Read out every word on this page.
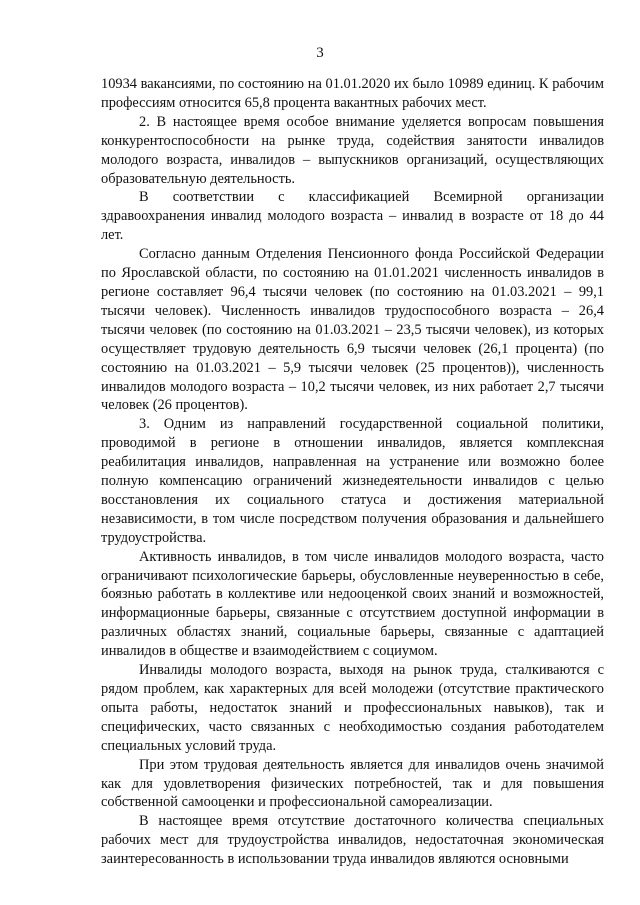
3

10934 вакансиями, по состоянию на 01.01.2020 их было 10989 единиц. К рабочим профессиям относится 65,8 процента вакантных рабочих мест.

2. В настоящее время особое внимание уделяется вопросам повышения конкурентоспособности на рынке труда, содействия занятости инвалидов молодого возраста, инвалидов – выпускников организаций, осуществляющих образовательную деятельность.

В соответствии с классификацией Всемирной организации здравоохранения инвалид молодого возраста – инвалид в возрасте от 18 до 44 лет.

Согласно данным Отделения Пенсионного фонда Российской Федерации по Ярославской области, по состоянию на 01.01.2021 численность инвалидов в регионе составляет 96,4 тысячи человек (по состоянию на 01.03.2021 – 99,1 тысячи человек). Численность инвалидов трудоспособного возраста – 26,4 тысячи человек (по состоянию на 01.03.2021 – 23,5 тысячи человек), из которых осуществляет трудовую деятельность 6,9 тысячи человек (26,1 процента) (по состоянию на 01.03.2021 – 5,9 тысячи человек (25 процентов)), численность инвалидов молодого возраста – 10,2 тысячи человек, из них работает 2,7 тысячи человек (26 процентов).

3. Одним из направлений государственной социальной политики, проводимой в регионе в отношении инвалидов, является комплексная реабилитация инвалидов, направленная на устранение или возможно более полную компенсацию ограничений жизнедеятельности инвалидов с целью восстановления их социального статуса и достижения материальной независимости, в том числе посредством получения образования и дальнейшего трудоустройства.

Активность инвалидов, в том числе инвалидов молодого возраста, часто ограничивают психологические барьеры, обусловленные неуверенностью в себе, боязнью работать в коллективе или недооценкой своих знаний и возможностей, информационные барьеры, связанные с отсутствием доступной информации в различных областях знаний, социальные барьеры, связанные с адаптацией инвалидов в обществе и взаимодействием с социумом.

Инвалиды молодого возраста, выходя на рынок труда, сталкиваются с рядом проблем, как характерных для всей молодежи (отсутствие практического опыта работы, недостаток знаний и профессиональных навыков), так и специфических, часто связанных с необходимостью создания работодателем специальных условий труда.

При этом трудовая деятельность является для инвалидов очень значимой как для удовлетворения физических потребностей, так и для повышения собственной самооценки и профессиональной самореализации.

В настоящее время отсутствие достаточного количества специальных рабочих мест для трудоустройства инвалидов, недостаточная экономическая заинтересованность в использовании труда инвалидов являются основными
